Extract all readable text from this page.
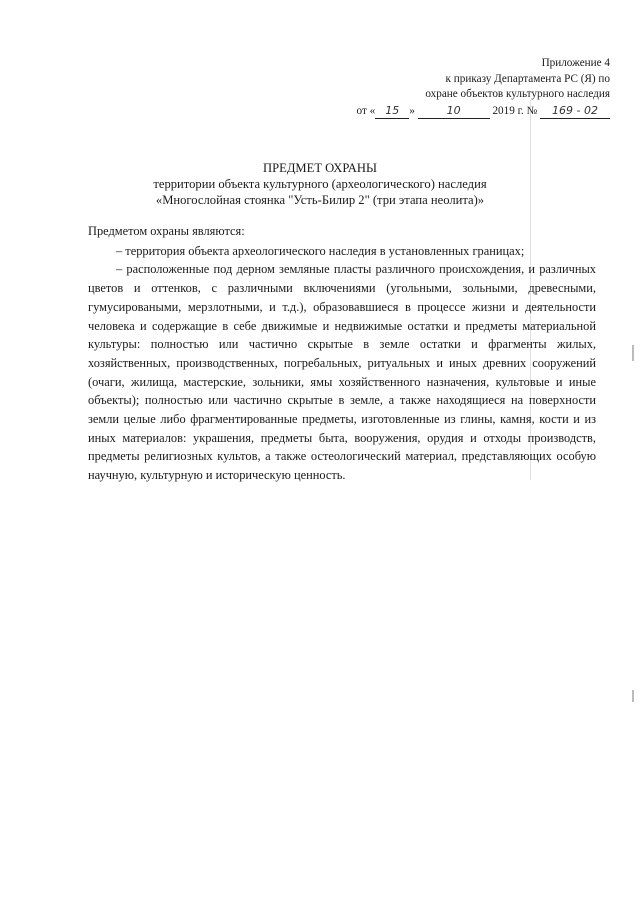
Приложение 4
к приказу Департамента РС (Я) по
охране объектов культурного наследия
от « 15 »	10	2019 г. № 169 - 02
ПРЕДМЕТ ОХРАНЫ
территории объекта культурного (археологического) наследия
«Многослойная стоянка "Усть-Билир 2" (три этапа неолита)»

Предметом охраны являются:

– территория объекта археологического наследия в установленных границах;

– расположенные под дерном земляные пласты различного происхождения, и различных цветов и оттенков, с различными включениями (угольными, зольными, древесными, гумусироваными, мерзлотными, и т.д.), образовавшиеся в процессе жизни и деятельности человека и содержащие в себе движимые и недвижимые остатки и предметы материальной культуры: полностью или частично скрытые в земле остатки и фрагменты жилых, хозяйственных, производственных, погребальных, ритуальных и иных древних сооружений (очаги, жилища, мастерские, зольники, ямы хозяйственного назначения, культовые и иные объекты); полностью или частично скрытые в земле, а также находящиеся на поверхности земли целые либо фрагментированные предметы, изготовленные из глины, камня, кости и из иных материалов: украшения, предметы быта, вооружения, орудия и отходы производств, предметы религиозных культов, а также остеологический материал, представляющих особую научную, культурную и историческую ценность.
